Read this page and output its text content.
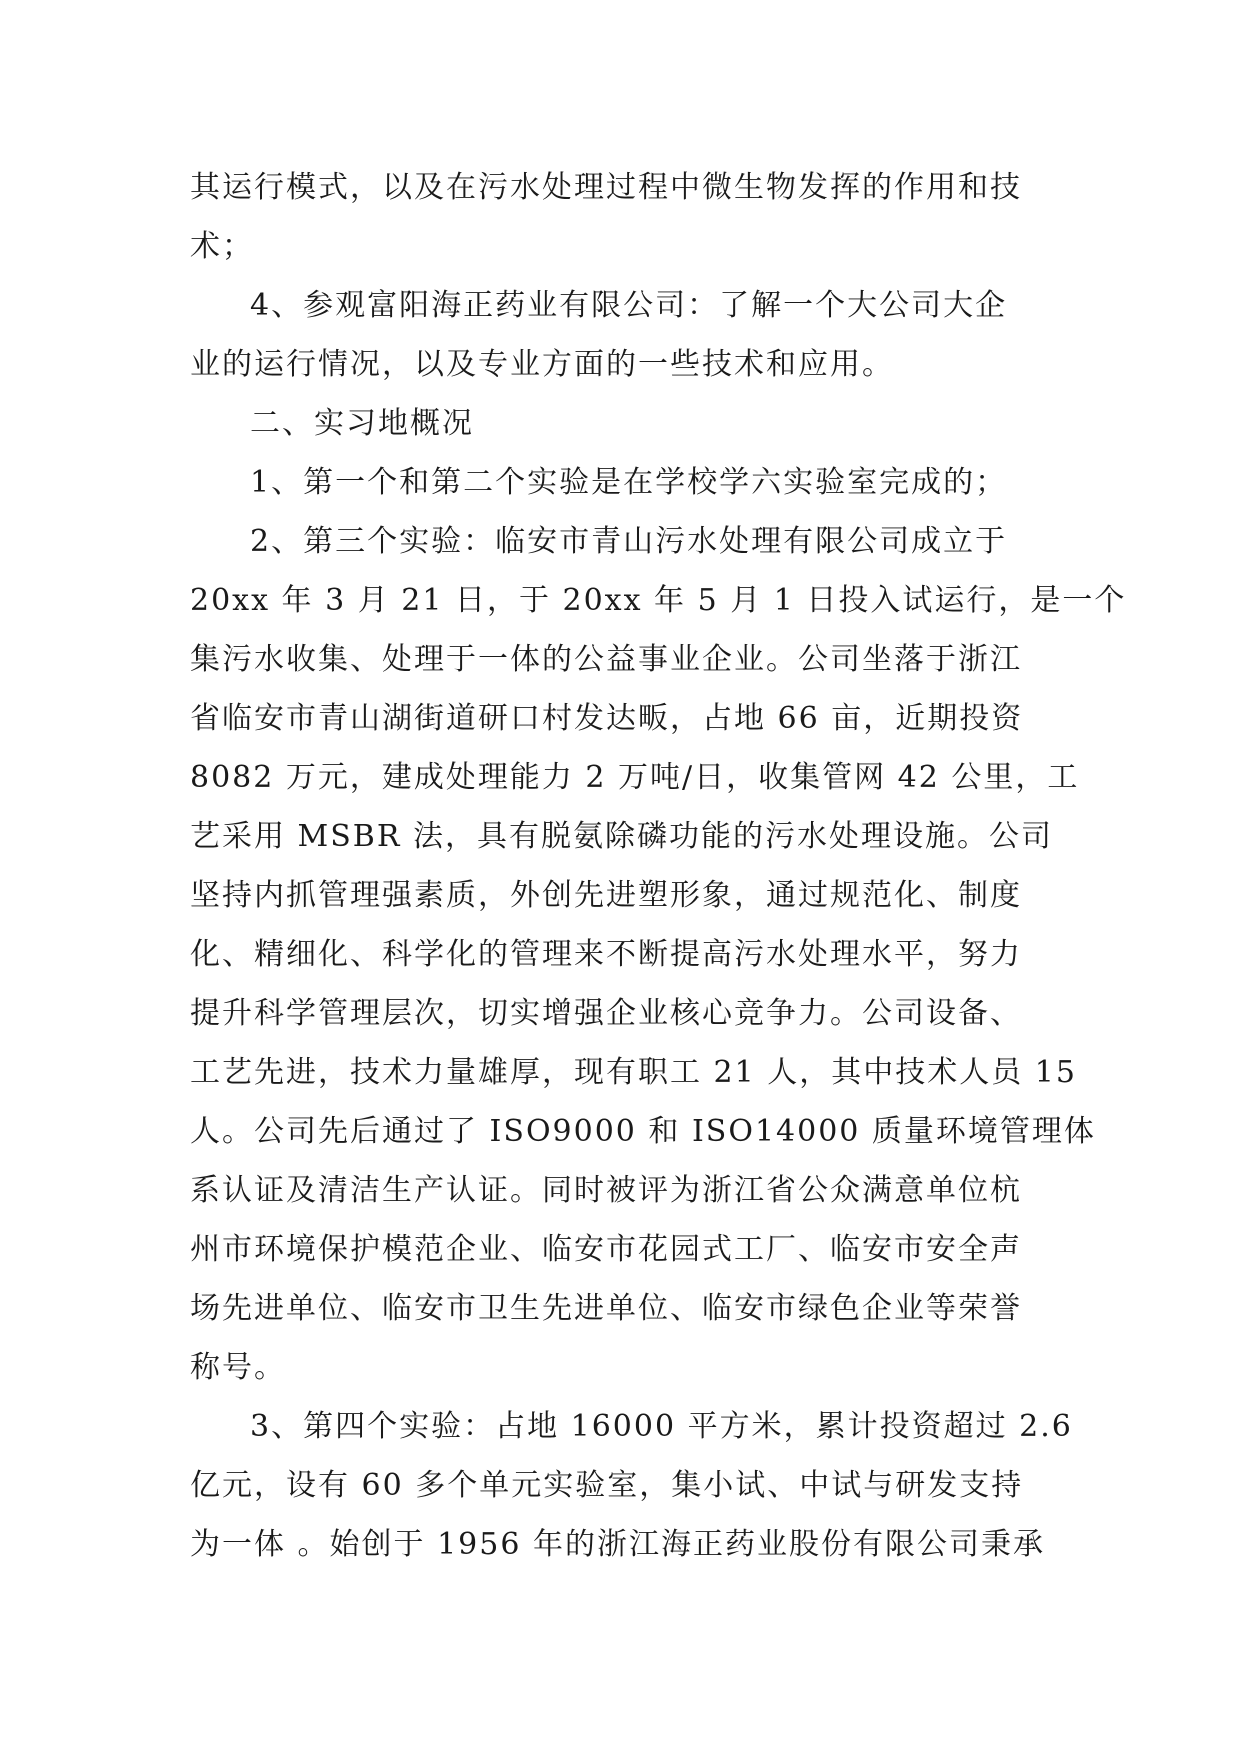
其运行模式，以及在污水处理过程中微生物发挥的作用和技
术；
4、参观富阳海正药业有限公司：了解一个大公司大企
业的运行情况，以及专业方面的一些技术和应用。
二、实习地概况
1、第一个和第二个实验是在学校学六实验室完成的；
2、第三个实验：临安市青山污水处理有限公司成立于
20xx 年 3 月 21 日，于 20xx 年 5 月 1 日投入试运行，是一个
集污水收集、处理于一体的公益事业企业。公司坐落于浙江
省临安市青山湖街道研口村发达畈，占地 66 亩，近期投资
8082 万元，建成处理能力 2 万吨/日，收集管网 42 公里，工
艺采用 MSBR 法，具有脱氨除磷功能的污水处理设施。公司
坚持内抓管理强素质，外创先进塑形象，通过规范化、制度
化、精细化、科学化的管理来不断提高污水处理水平，努力
提升科学管理层次，切实增强企业核心竞争力。公司设备、
工艺先进，技术力量雄厚，现有职工 21 人，其中技术人员 15
人。公司先后通过了 ISO9000 和 ISO14000 质量环境管理体
系认证及清洁生产认证。同时被评为浙江省公众满意单位杭
州市环境保护模范企业、临安市花园式工厂、临安市安全声
场先进单位、临安市卫生先进单位、临安市绿色企业等荣誉
称号。
3、第四个实验：占地 16000 平方米，累计投资超过 2.6
亿元，设有 60 多个单元实验室，集小试、中试与研发支持
为一体 。始创于 1956 年的浙江海正药业股份有限公司秉承
